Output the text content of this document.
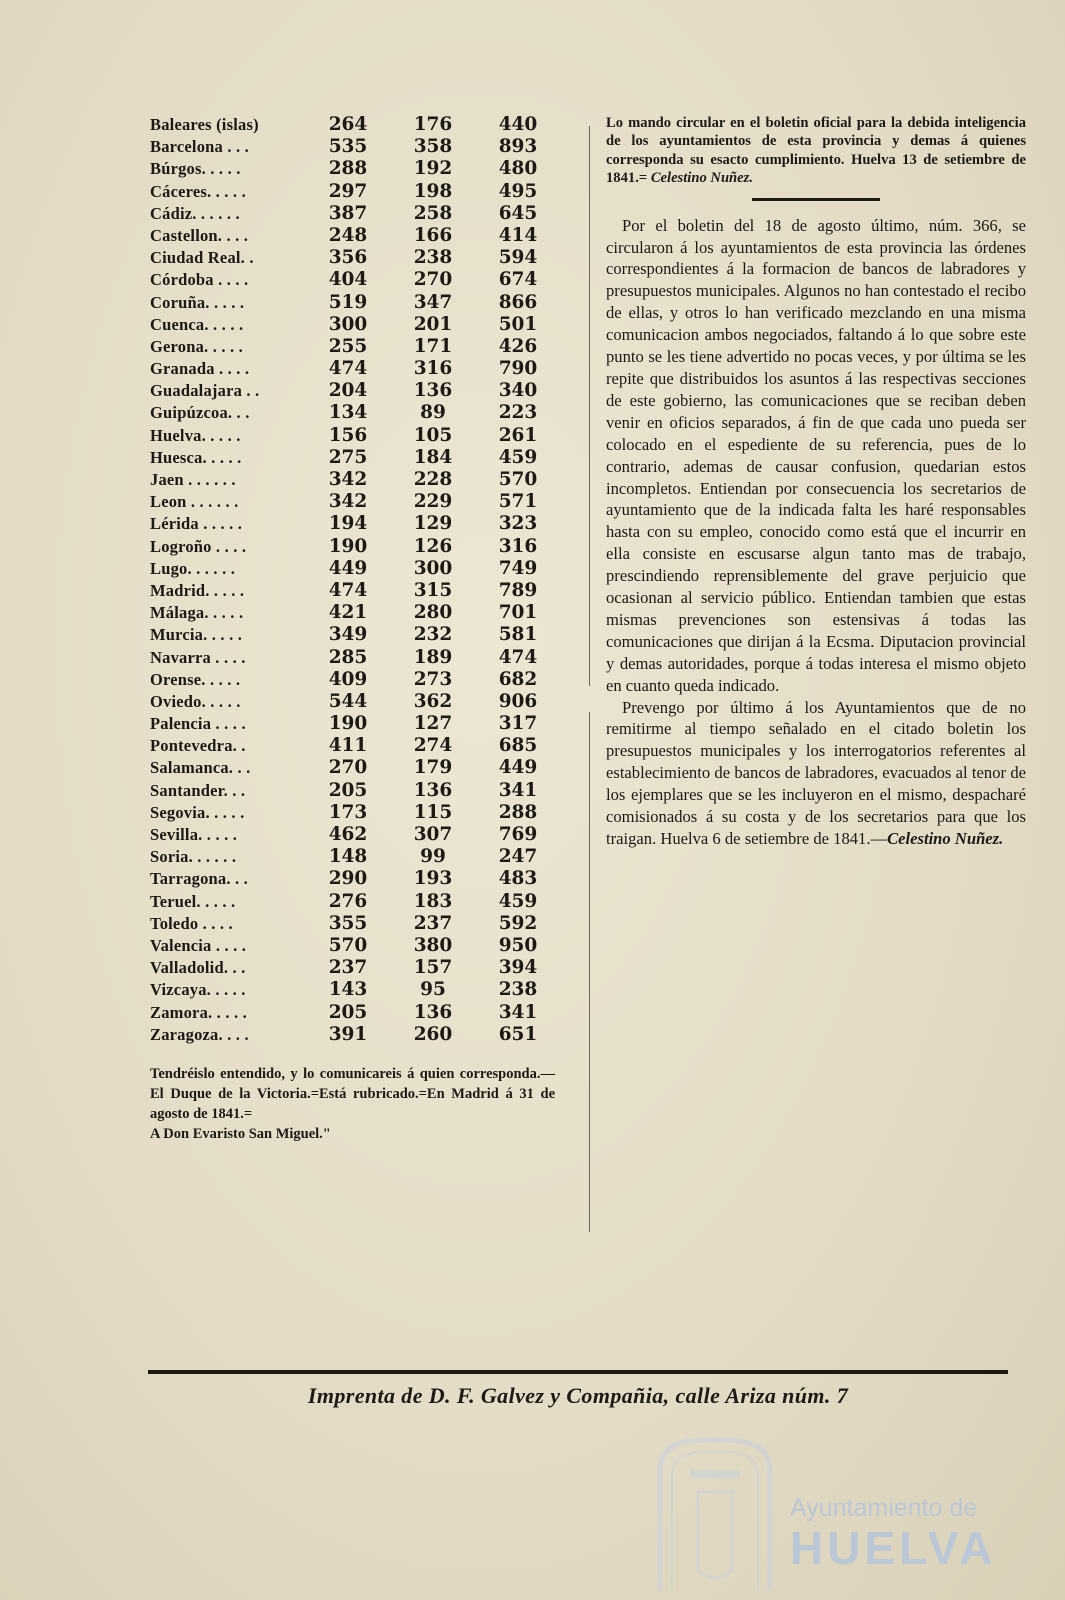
Baleares (islas)	264	176	440
Barcelona . . .	535	358	893
Búrgos. . . . .	288	192	480
Cáceres. . . . .	297	198	495
Cádiz. . . . . .	387	258	645
Castellon. . . .	248	166	414
Ciudad Real. .	356	238	594
Córdoba . . . .	404	270	674
Coruña. . . . .	519	347	866
Cuenca. . . . .	300	201	501
Gerona. . . . .	255	171	426
Granada . . . .	474	316	790
Guadalajara . .	204	136	340
Guipúzcoa. . .	134	89	223
Huelva. . . . .	156	105	261
Huesca. . . . .	275	184	459
Jaen . . . . . .	342	228	570
Leon . . . . . .	342	229	571
Lérida . . . . .	194	129	323
Logroño . . . .	190	126	316
Lugo. . . . . .	449	300	749
Madrid. . . . .	474	315	789
Málaga. . . . .	421	280	701
Murcia. . . . .	349	232	581
Navarra . . . .	285	189	474
Orense. . . . .	409	273	682
Oviedo. . . . .	544	362	906
Palencia . . . .	190	127	317
Pontevedra. .	411	274	685
Salamanca. . .	270	179	449
Santander. . .	205	136	341
Segovia. . . . .	173	115	288
Sevilla. . . . .	462	307	769
Soria. . . . . .	148	99	247
Tarragona. . .	290	193	483
Teruel. . . . .	276	183	459
Toledo . . . .	355	237	592
Valencia . . . .	570	380	950
Valladolid. . .	237	157	394
Vizcaya. . . . .	143	95	238
Zamora. . . . .	205	136	341
Zaragoza. . . .	391	260	651

Lo mando circular en el boletin oficial para la debida inteligencia de los ayuntamientos de esta provincia y demas á quienes corresponda su esacto cumplimiento. Huelva 13 de setiembre de 1841.= Celestino Nuñez.

Por el boletin del 18 de agosto último, núm. 366, se circularon á los ayuntamientos de esta provincia las órdenes correspondientes á la formacion de bancos de labradores y presupuestos municipales. Algunos no han contestado el recibo de ellas, y otros lo han verificado mezclando en una misma comunicacion ambos negociados, faltando á lo que sobre este punto se les tiene advertido no pocas veces, y por última se les repite que distribuidos los asuntos á las respectivas secciones de este gobierno, las comunicaciones que se reciban deben venir en oficios separados, á fin de que cada uno pueda ser colocado en el espediente de su referencia, pues de lo contrario, ademas de causar confusion, quedarian estos incompletos. Entiendan por consecuencia los secretarios de ayuntamiento que de la indicada falta les haré responsables hasta con su empleo, conocido como está que el incurrir en ella consiste en escusarse algun tanto mas de trabajo, prescindiendo reprensiblemente del grave perjuicio que ocasionan al servicio público. Entiendan tambien que estas mismas prevenciones son estensivas á todas las comunicaciones que dirijan á la Ecsma. Diputacion provincial y demas autoridades, porque á todas interesa el mismo objeto en cuanto queda indicado.

Prevengo por último á los Ayuntamientos que de no remitirme al tiempo señalado en el citado boletin los presupuestos municipales y los interrogatorios referentes al establecimiento de bancos de labradores, evacuados al tenor de los ejemplares que se les incluyeron en el mismo, despacharé comisionados á su costa y de los secretarios para que los traigan. Huelva 6 de setiembre de 1841.—Celestino Nuñez.

Imprenta de D. F. Galvez y Compañia, calle Ariza núm. 7
Ayuntamiento de
HUELVA
Tendréislo entendido, y lo comunicareis á quien corresponda.—El Duque de la Victoria.=Está rubricado.=En Madrid á 31 de agosto de 1841.=
A Don Evaristo San Miguel."
